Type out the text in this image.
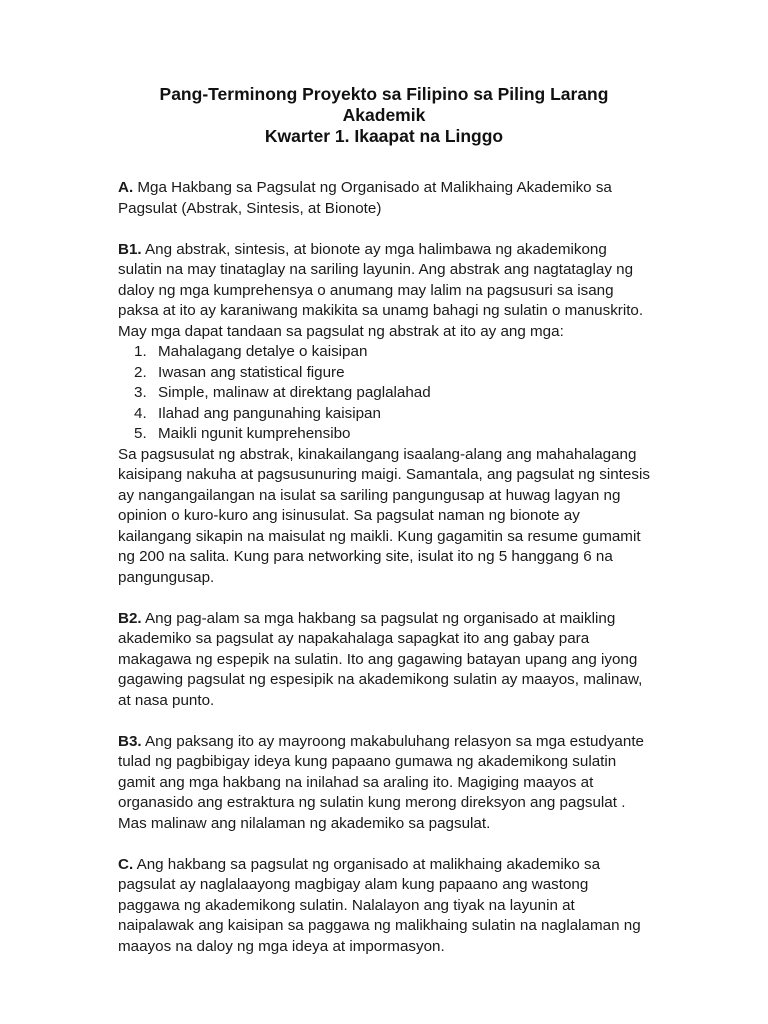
Pang-Terminong Proyekto sa Filipino sa Piling Larang Akademik
Kwarter 1. Ikaapat na Linggo

A. Mga Hakbang sa Pagsulat ng Organisado at Malikhaing Akademiko sa Pagsulat (Abstrak, Sintesis, at Bionote)

B1. Ang abstrak, sintesis, at bionote ay mga halimbawa ng akademikong sulatin na may tinataglay na sariling layunin. Ang abstrak ang nagtataglay ng daloy ng mga kumprehensya o anumang may lalim na pagsusuri sa isang paksa at ito ay karaniwang makikita sa unamg bahagi ng sulatin o manuskrito.

May mga dapat tandaan sa pagsulat ng abstrak at ito ay ang mga:

1. Mahalagang detalye o kaisipan
2. Iwasan ang statistical figure
3. Simple, malinaw at direktang paglalahad
4. Ilahad ang pangunahing kaisipan
5. Maikli ngunit kumprehensibo

Sa pagsusulat ng abstrak, kinakailangang isaalang-alang ang mahahalagang kaisipang nakuha at pagsusunuring maigi. Samantala, ang pagsulat ng sintesis ay nangangailangan na isulat sa sariling pangungusap at huwag lagyan ng opinion o kuro-kuro ang isinusulat. Sa pagsulat naman ng bionote ay kailangang sikapin na maisulat ng maikli. Kung gagamitin sa resume gumamit ng 200 na salita. Kung para networking site, isulat ito ng 5 hanggang 6 na pangungusap.

B2. Ang pag-alam sa mga hakbang sa pagsulat ng organisado at maikling akademiko sa pagsulat ay napakahalaga sapagkat ito ang gabay para makagawa ng espepik na sulatin. Ito ang gagawing batayan upang ang iyong gagawing pagsulat ng espesipik na akademikong sulatin ay maayos, malinaw, at nasa punto.

B3. Ang paksang ito ay mayroong makabuluhang relasyon sa mga estudyante tulad ng pagbibigay ideya kung papaano gumawa ng akademikong sulatin gamit ang mga hakbang na inilahad sa araling ito. Magiging maayos at organasido ang estraktura ng sulatin kung merong direksyon ang pagsulat . Mas malinaw ang nilalaman ng akademiko sa pagsulat.

C. Ang hakbang sa pagsulat ng organisado at malikhaing akademiko sa pagsulat ay naglalaayong magbigay alam kung papaano ang wastong paggawa ng akademikong sulatin. Nalalayon ang tiyak na layunin at naipalawak ang kaisipan sa paggawa ng malikhaing sulatin na naglalaman ng maayos na daloy ng mga ideya at impormasyon.
